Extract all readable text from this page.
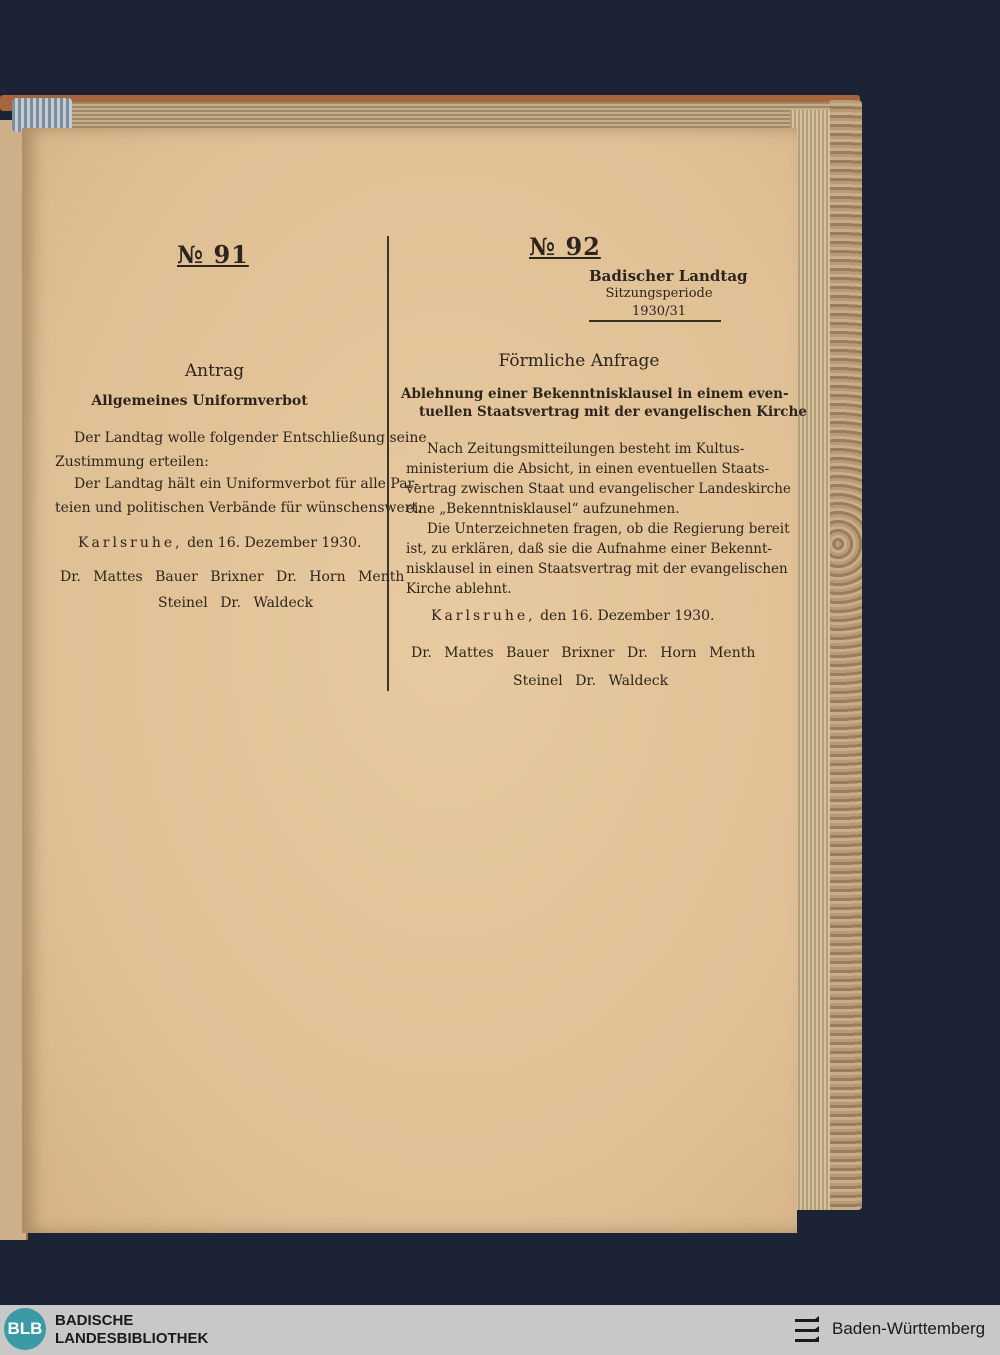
№ 91
Antrag
Allgemeines Uniformverbot
Der Landtag wolle folgender Entschließung seine
Zustimmung erteilen:
Der Landtag hält ein Uniformverbot für alle Par-
teien und politischen Verbände für wünschenswert.
Karlsruhe, den 16. Dezember 1930.
Dr. Mattes Bauer Brixner Dr. Horn Menth
Steinel Dr. Waldeck
№ 92
Badischer Landtag
Sitzungsperiode
1930/31
Förmliche Anfrage
Ablehnung einer Bekenntnisklausel in einem even-
tuellen Staatsvertrag mit der evangelischen Kirche
Nach Zeitungsmitteilungen besteht im Kultus-
ministerium die Absicht, in einen eventuellen Staats-
vertrag zwischen Staat und evangelischer Landeskirche
eine „Bekenntnisklausel“ aufzunehmen.
Die Unterzeichneten fragen, ob die Regierung bereit
ist, zu erklären, daß sie die Aufnahme einer Bekennt-
nisklausel in einen Staatsvertrag mit der evangelischen
Kirche ablehnt.
Karlsruhe, den 16. Dezember 1930.
Dr. Mattes Bauer Brixner Dr. Horn Menth
Steinel Dr. Waldeck
BLB BADISCHE
LANDESBIBLIOTHEK
Baden-Württemberg
